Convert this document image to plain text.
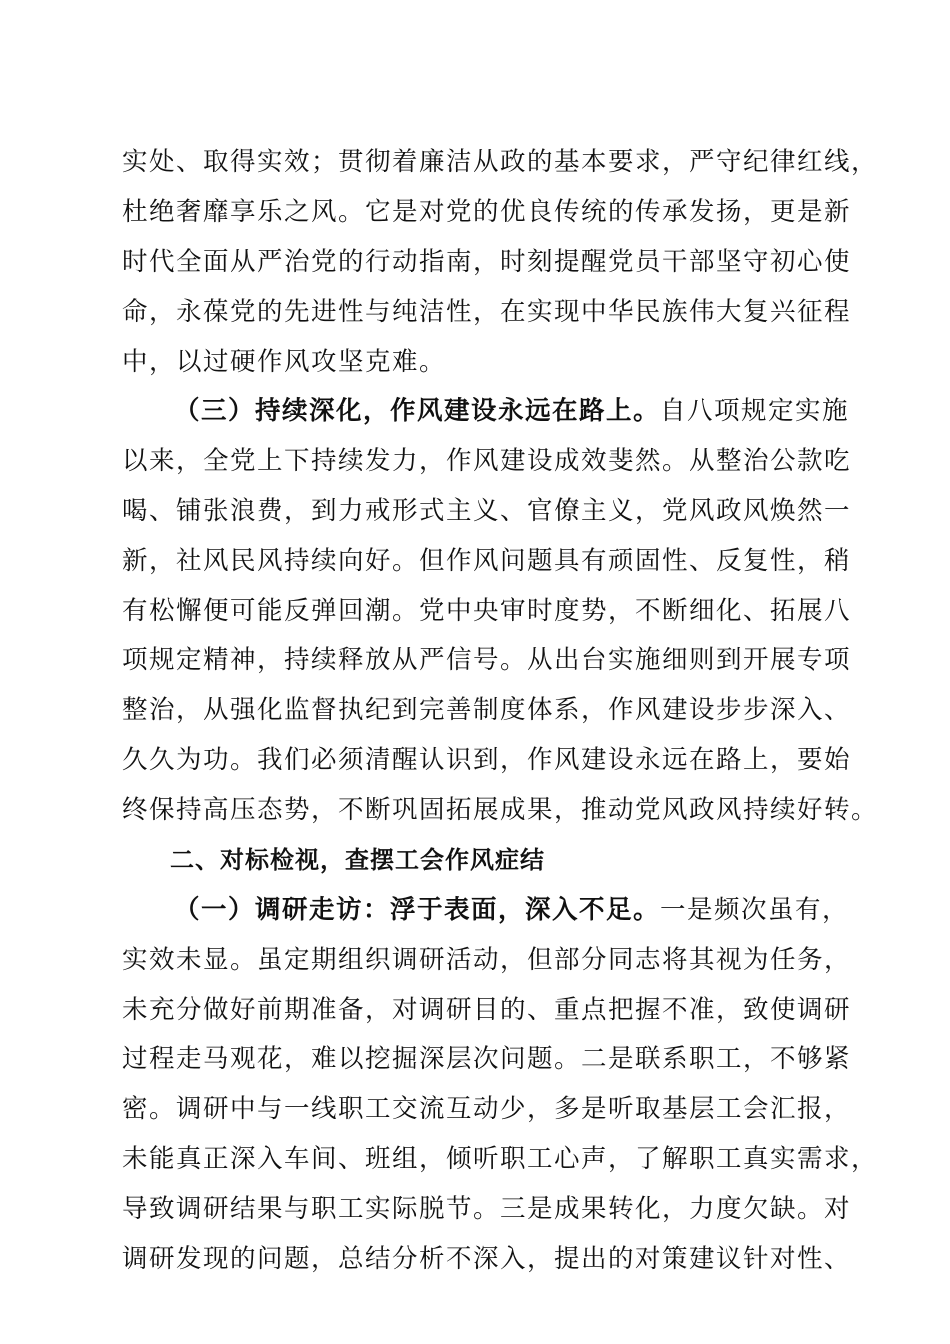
实处、取得实效；贯彻着廉洁从政的基本要求，严守纪律红线，
杜绝奢靡享乐之风。它是对党的优良传统的传承发扬，更是新
时代全面从严治党的行动指南，时刻提醒党员干部坚守初心使
命，永葆党的先进性与纯洁性，在实现中华民族伟大复兴征程
中，以过硬作风攻坚克难。
（三）持续深化，作风建设永远在路上。自八项规定实施
以来，全党上下持续发力，作风建设成效斐然。从整治公款吃
喝、铺张浪费，到力戒形式主义、官僚主义，党风政风焕然一
新，社风民风持续向好。但作风问题具有顽固性、反复性，稍
有松懈便可能反弹回潮。党中央审时度势，不断细化、拓展八
项规定精神，持续释放从严信号。从出台实施细则到开展专项
整治，从强化监督执纪到完善制度体系，作风建设步步深入、
久久为功。我们必须清醒认识到，作风建设永远在路上，要始
终保持高压态势，不断巩固拓展成果，推动党风政风持续好转。
二、对标检视，查摆工会作风症结
（一）调研走访：浮于表面，深入不足。一是频次虽有，
实效未显。虽定期组织调研活动，但部分同志将其视为任务，
未充分做好前期准备，对调研目的、重点把握不准，致使调研
过程走马观花，难以挖掘深层次问题。二是联系职工，不够紧
密。调研中与一线职工交流互动少，多是听取基层工会汇报，
未能真正深入车间、班组，倾听职工心声，了解职工真实需求，
导致调研结果与职工实际脱节。三是成果转化，力度欠缺。对
调研发现的问题，总结分析不深入，提出的对策建议针对性、
